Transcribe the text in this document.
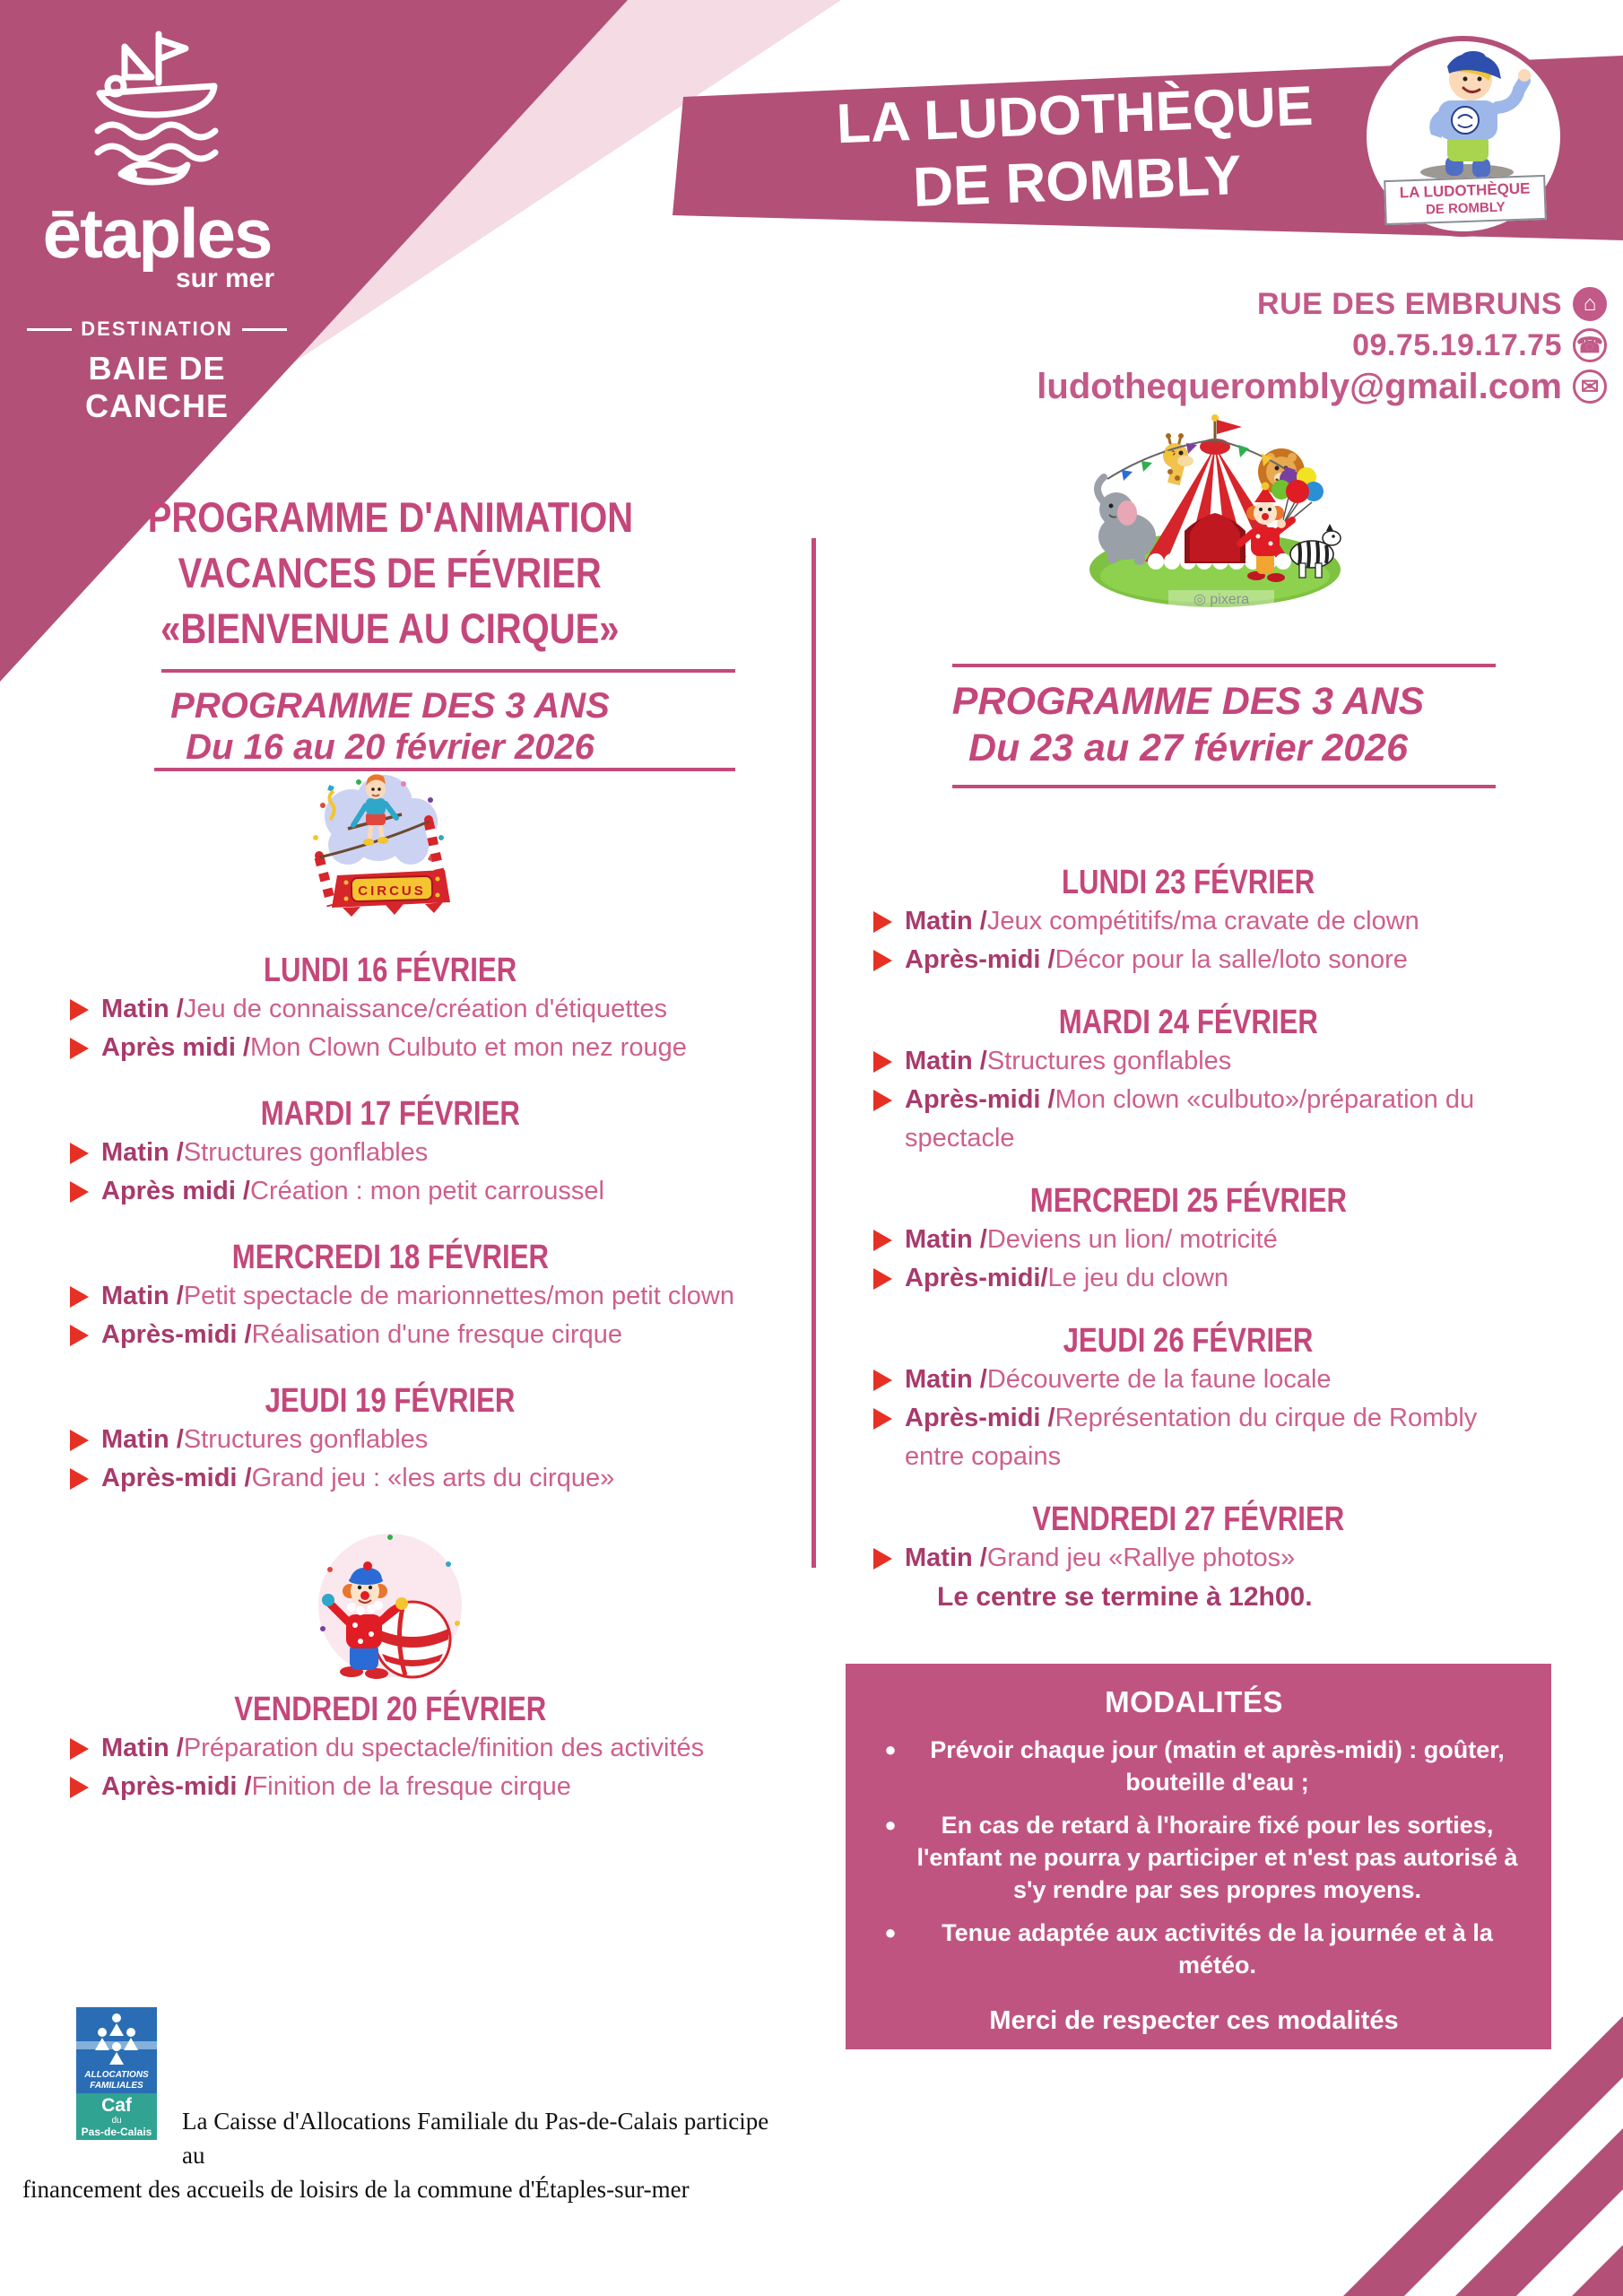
ētaples
sur mer
DESTINATION
BAIE DE CANCHE
LA LUDOTHÈQUE
DE ROMBLY	LA LUDOTHÈQUE
DE ROMBLY
RUE DES EMBRUNS ⌂
09.75.19.17.75 ☎
ludothequerombly@gmail.com ✉
◎ pixera
PROGRAMME D'ANIMATION
VACANCES DE FÉVRIER
«BIENVENUE AU CIRQUE»
PROGRAMME DES 3 ANS
Du 16 au 20 février 2026
CIRCUS
LUNDI 16 FÉVRIER
Matin /Jeu de connaissance/création d'étiquettes
Après midi /Mon Clown Culbuto et mon nez rouge
MARDI 17 FÉVRIER
Matin /Structures gonflables
Après midi /Création : mon petit carroussel
MERCREDI 18 FÉVRIER
Matin /Petit spectacle de marionnettes/mon petit clown
Après-midi /Réalisation d'une fresque cirque
JEUDI 19 FÉVRIER
Matin /Structures gonflables
Après-midi /Grand jeu : «les arts du cirque»
VENDREDI 20 FÉVRIER
Matin /Préparation du spectacle/finition des activités
Après-midi /Finition de la fresque cirque
PROGRAMME DES 3 ANS
Du 23 au 27 février 2026
LUNDI 23 FÉVRIER
Matin /Jeux compétitifs/ma cravate de clown
Après-midi /Décor pour la salle/loto sonore
MARDI 24 FÉVRIER
Matin /Structures gonflables
Après-midi /Mon clown «culbuto»/préparation du spectacle
MERCREDI 25 FÉVRIER
Matin /Deviens un lion/ motricité
Après-midi/Le jeu du clown
JEUDI 26 FÉVRIER
Matin /Découverte de la faune locale
Après-midi /Représentation du cirque de Rombly entre copains
VENDREDI 27 FÉVRIER
Matin /Grand jeu «Rallye photos»
Le centre se termine à 12h00.
MODALITÉS
●	Prévoir chaque jour (matin et après-midi) : goûter, bouteille d'eau ;
●	En cas de retard à l'horaire fixé pour les sorties, l'enfant ne pourra y participer et n'est pas autorisé à s'y rendre par ses propres moyens.
●	Tenue adaptée aux activités de la journée et à la météo.
Merci de respecter ces modalités
ALLOCATIONS
FAMILIALES
Caf
du
Pas-de-Calais	La Caisse d'Allocations Familiale du Pas-de-Calais participe au
financement des accueils de loisirs de la commune d'Étaples-sur-mer
